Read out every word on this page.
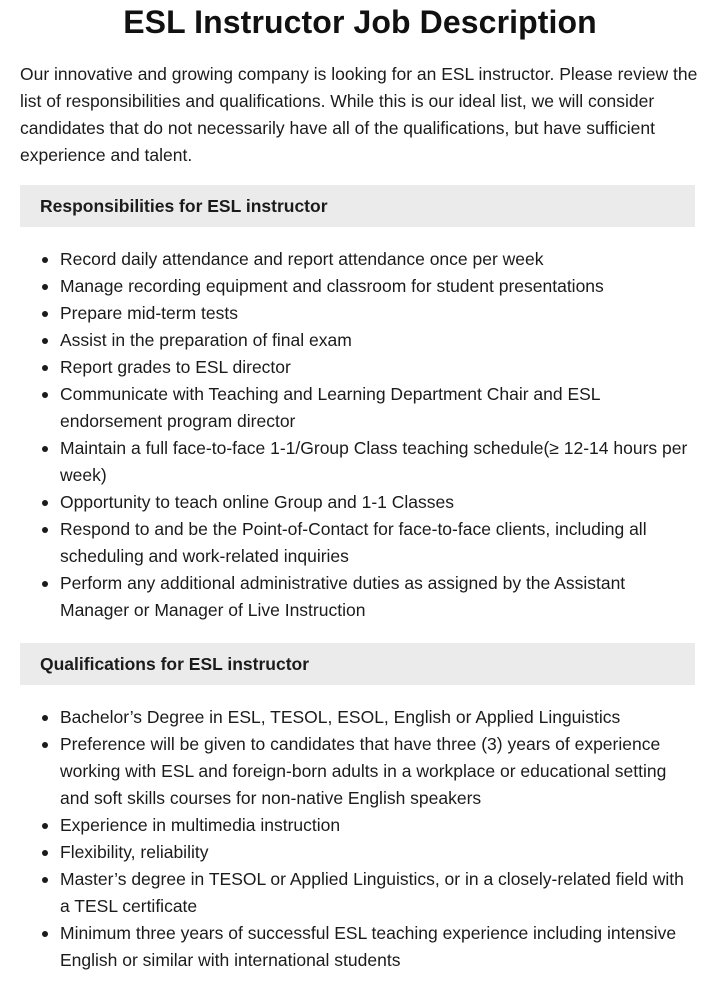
ESL Instructor Job Description

Our innovative and growing company is looking for an ESL instructor. Please review the list of responsibilities and qualifications. While this is our ideal list, we will consider candidates that do not necessarily have all of the qualifications, but have sufficient experience and talent.

Responsibilities for ESL instructor
Record daily attendance and report attendance once per week
Manage recording equipment and classroom for student presentations
Prepare mid-term tests
Assist in the preparation of final exam
Report grades to ESL director
Communicate with Teaching and Learning Department Chair and ESL endorsement program director
Maintain a full face-to-face 1-1/Group Class teaching schedule(≥ 12-14 hours per week)
Opportunity to teach online Group and 1-1 Classes
Respond to and be the Point-of-Contact for face-to-face clients, including all scheduling and work-related inquiries
Perform any additional administrative duties as assigned by the Assistant Manager or Manager of Live Instruction
Qualifications for ESL instructor
Bachelor’s Degree in ESL, TESOL, ESOL, English or Applied Linguistics
Preference will be given to candidates that have three (3) years of experience working with ESL and foreign-born adults in a workplace or educational setting and soft skills courses for non-native English speakers
Experience in multimedia instruction
Flexibility, reliability
Master’s degree in TESOL or Applied Linguistics, or in a closely-related field with a TESL certificate
Minimum three years of successful ESL teaching experience including intensive English or similar with international students
